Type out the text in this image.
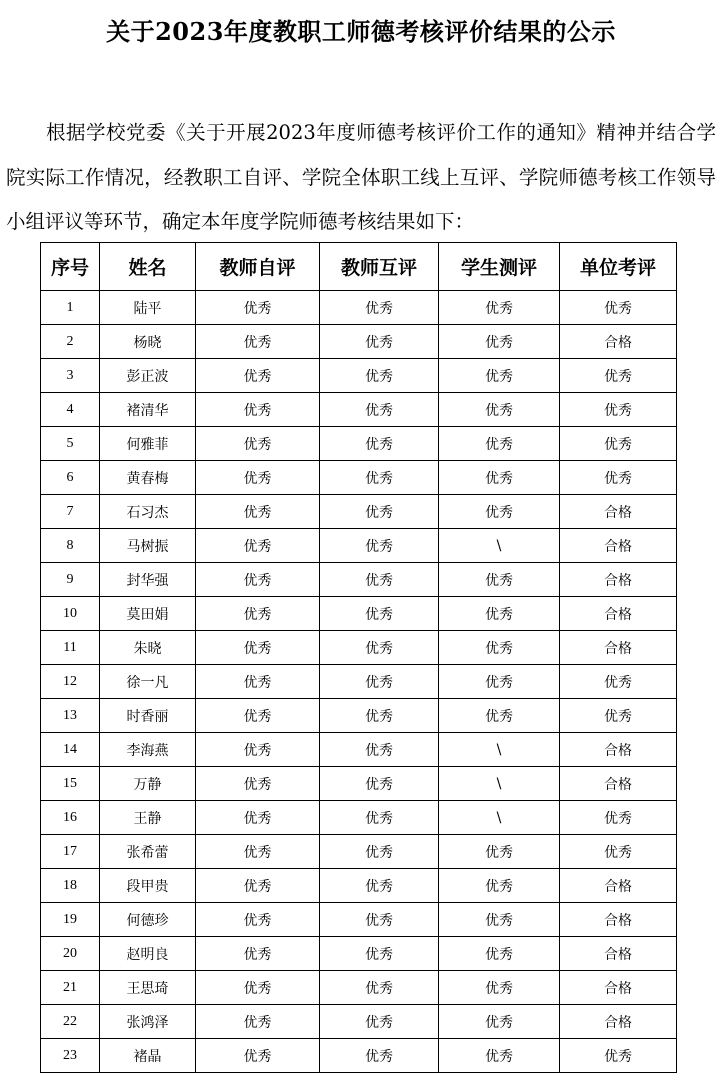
关于2023年度教职工师德考核评价结果的公示

根据学校党委《关于开展2023年度师德考核评价工作的通知》精神并结合学院实际工作情况，经教职工自评、学院全体职工线上互评、学院师德考核工作领导小组评议等环节，确定本年度学院师德考核结果如下：

序号	姓名	教师自评	教师互评	学生测评	单位考评
1	陆平	优秀	优秀	优秀	优秀
2	杨晓	优秀	优秀	优秀	合格
3	彭正波	优秀	优秀	优秀	优秀
4	褚清华	优秀	优秀	优秀	优秀
5	何雅菲	优秀	优秀	优秀	优秀
6	黄春梅	优秀	优秀	优秀	优秀
7	石习杰	优秀	优秀	优秀	合格
8	马树振	优秀	优秀	\	合格
9	封华强	优秀	优秀	优秀	合格
10	莫田娟	优秀	优秀	优秀	合格
11	朱晓	优秀	优秀	优秀	合格
12	徐一凡	优秀	优秀	优秀	优秀
13	时香丽	优秀	优秀	优秀	优秀
14	李海燕	优秀	优秀	\	合格
15	万静	优秀	优秀	\	合格
16	王静	优秀	优秀	\	优秀
17	张希蕾	优秀	优秀	优秀	优秀
18	段甲贵	优秀	优秀	优秀	合格
19	何德珍	优秀	优秀	优秀	合格
20	赵明良	优秀	优秀	优秀	合格
21	王思琦	优秀	优秀	优秀	合格
22	张鸿泽	优秀	优秀	优秀	合格
23	褚晶	优秀	优秀	优秀	优秀
